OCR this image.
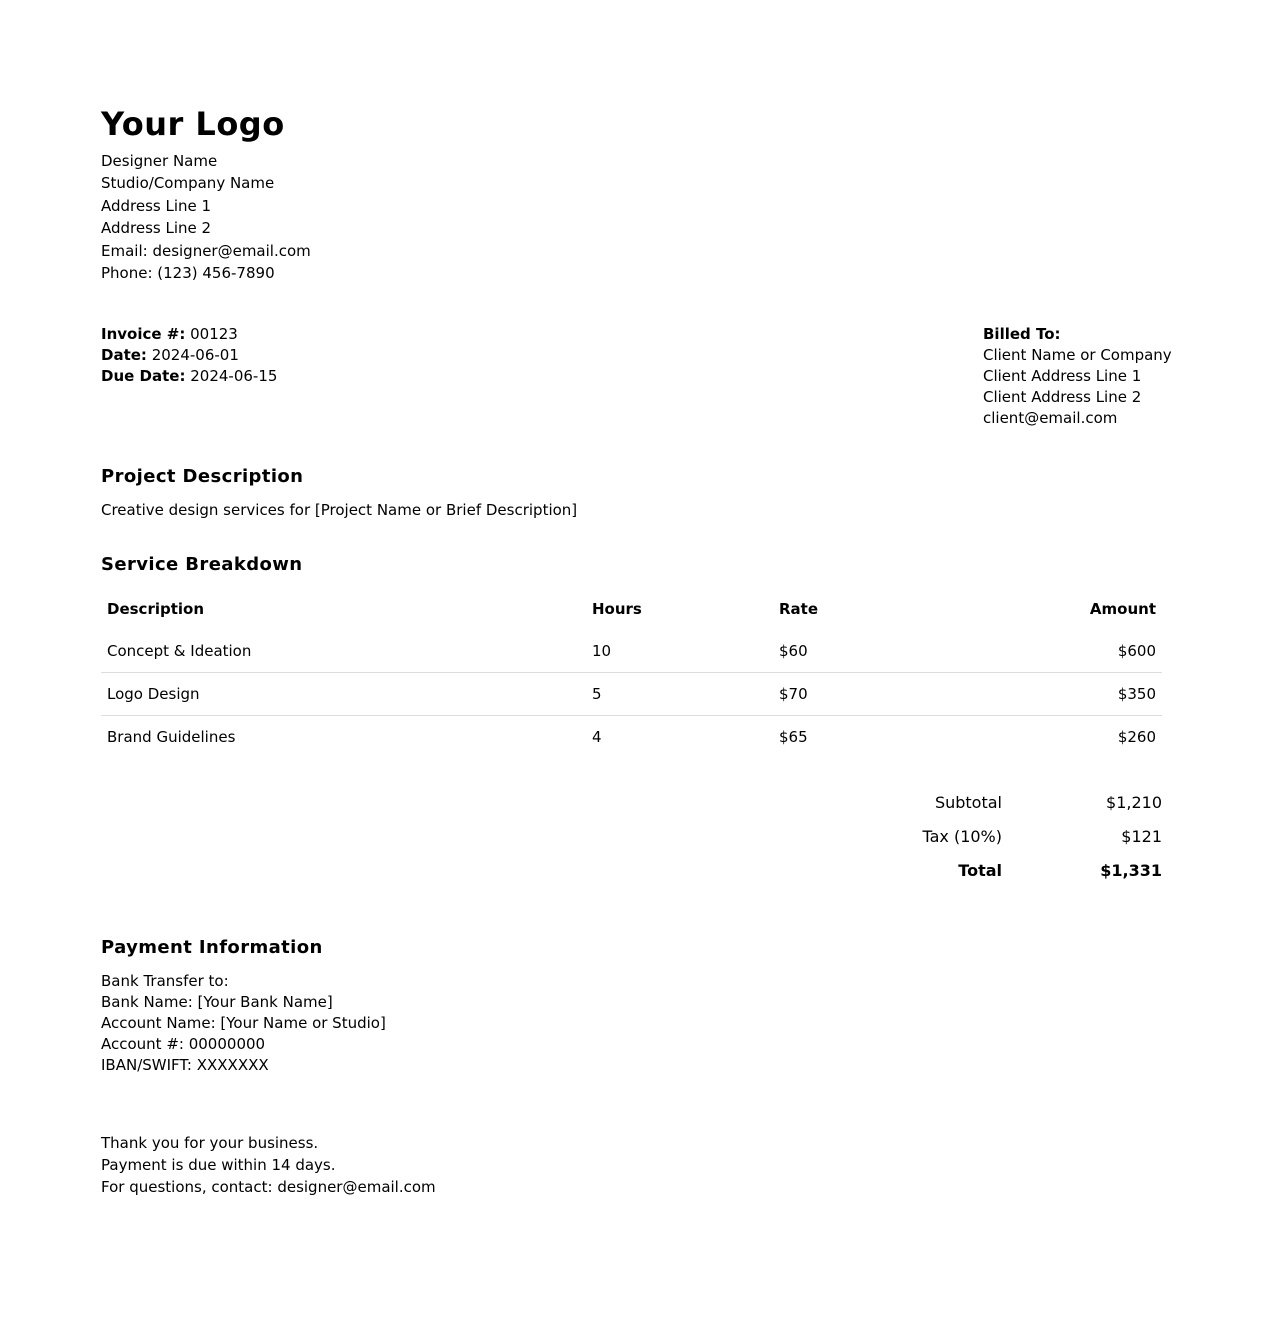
Your Logo
Designer Name
Studio/Company Name
Address Line 1
Address Line 2
Email: designer@email.com
Phone: (123) 456-7890
Invoice #: 00123
Date: 2024-06-01
Due Date: 2024-06-15
Billed To:
Client Name or Company
Client Address Line 1
Client Address Line 2
client@email.com
Project Description
Creative design services for [Project Name or Brief Description]
Service Breakdown
Description	Hours	Rate	Amount
Concept & Ideation	10	$60	$600
Logo Design	5	$70	$350
Brand Guidelines	4	$65	$260
Subtotal	$1,210
Tax (10%)	$121
Total	$1,331
Payment Information
Bank Transfer to:
Bank Name: [Your Bank Name]
Account Name: [Your Name or Studio]
Account #: 00000000
IBAN/SWIFT: XXXXXXX
Thank you for your business.
Payment is due within 14 days.
For questions, contact: designer@email.com
